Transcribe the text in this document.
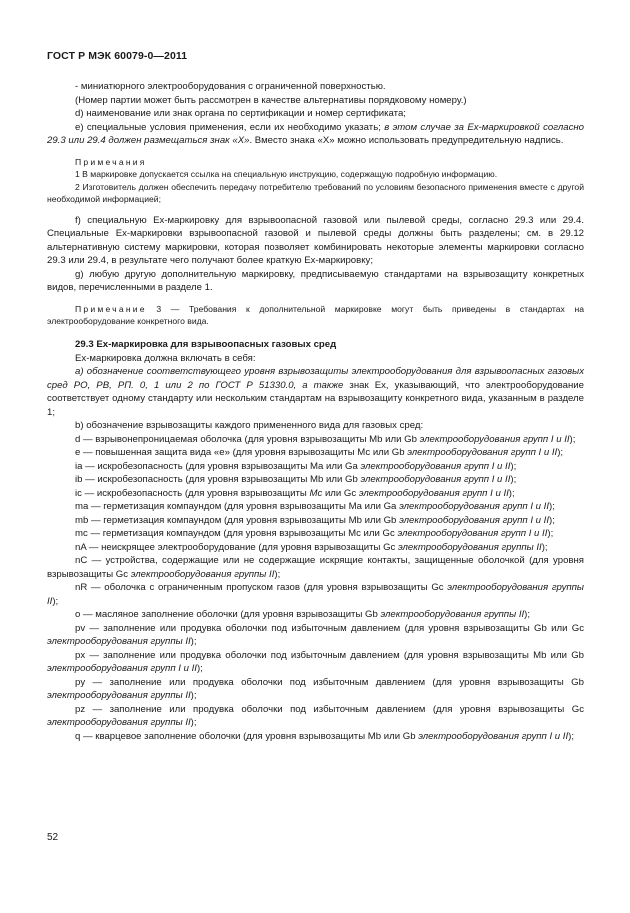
ГОСТ Р МЭК 60079-0—2011

- миниатюрного электрооборудования с ограниченной поверхностью.

(Номер партии может быть рассмотрен в качестве альтернативы порядковому номеру.)

d) наименование или знак органа по сертификации и номер сертификата;

e) специальные условия применения, если их необходимо указать; в этом случае за Ex-маркировкой согласно 29.3 или 29.4 должен размещаться знак «X». Вместо знака «X» можно использовать предупредительную надпись.

Примечания

1 В маркировке допускается ссылка на специальную инструкцию, содержащую подробную информацию.

2 Изготовитель должен обеспечить передачу потребителю требований по условиям безопасного применения вместе с другой необходимой информацией;

f) специальную Ex-маркировку для взрывоопасной газовой или пылевой среды, согласно 29.3 или 29.4. Специальные Ex-маркировки взрывоопасной газовой и пылевой среды должны быть разделены; см. в 29.12 альтернативную систему маркировки, которая позволяет комбинировать некоторые элементы маркировки согласно 29.3 или 29.4, в результате чего получают более краткую Ex-маркировку;

g) любую другую дополнительную маркировку, предписываемую стандартами на взрывозащиту конкретных видов, перечисленными в разделе 1.

Примечание 3 — Требования к дополнительной маркировке могут быть приведены в стандартах на электрооборудование конкретного вида.

29.3 Ex-маркировка для взрывоопасных газовых сред

Ex-маркировка должна включать в себя:

а) обозначение соответствующего уровня взрывозащиты электрооборудования для взрывоопасных газовых сред PO, PB, PП. 0, 1 или 2 по ГОСТ Р 51330.0, а также знак Ex, указывающий, что электрооборудование соответствует одному стандарту или нескольким стандартам на взрывозащиту конкретного вида, указанным в разделе 1;

b) обозначение взрывозащиты каждого примененного вида для газовых сред:

d — взрывонепроницаемая оболочка (для уровня взрывозащиты Mb или Gb электрооборудования групп I и II);

e — повышенная защита вида «е» (для уровня взрывозащиты Мс или Gb электрооборудования групп I и II);

ia — искробезопасность (для уровня взрывозащиты Ma или Ga электрооборудования групп I и II);

ib — искробезопасность (для уровня взрывозащиты Mb или Gb электрооборудования групп I и II);

ic — искробезопасность (для уровня взрывозащиты Mc или Gc электрооборудования групп I и II);

ma — герметизация компаундом (для уровня взрывозащиты Ma или Ga электрооборудования групп I и II);

mb — герметизация компаундом (для уровня взрывозащиты Mb или Gb электрооборудования групп I и II);

mc — герметизация компаундом (для уровня взрывозащиты Mc или Gc электрооборудования групп I и II);

nA — неискрящее электрооборудование (для уровня взрывозащиты Gc электрооборудования группы II);

nC — устройства, содержащие или не содержащие искрящие контакты, защищенные оболочкой (для уровня взрывозащиты Gc электрооборудования группы II);

nR — оболочка с ограниченным пропуском газов (для уровня взрывозащиты Gc электрооборудования группы II);

o — масляное заполнение оболочки (для уровня взрывозащиты Gb электрооборудования группы II);

pv — заполнение или продувка оболочки под избыточным давлением (для уровня взрывозащиты Gb или Gc электрооборудования группы II);

px — заполнение или продувка оболочки под избыточным давлением (для уровня взрывозащиты Mb или Gb электрооборудования групп I и II);

py — заполнение или продувка оболочки под избыточным давлением (для уровня взрывозащиты Gb электрооборудования группы II);

pz — заполнение или продувка оболочки под избыточным давлением (для уровня взрывозащиты Gc электрооборудования группы II);

q — кварцевое заполнение оболочки (для уровня взрывозащиты Mb или Gb электрооборудования групп I и II);

52
